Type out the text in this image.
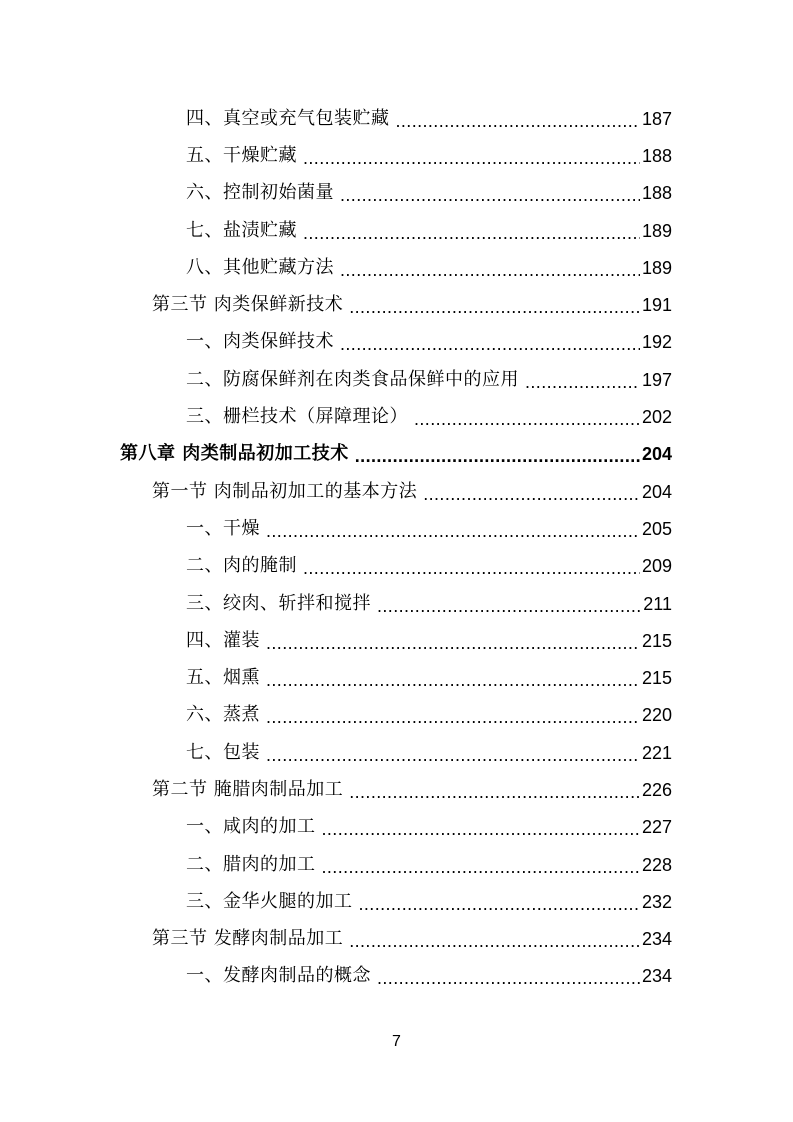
四、真空或充气包装贮藏 .....	187
五、干燥贮藏 .....	188
六、控制初始菌量 .....	188
七、盐渍贮藏 .....	189
八、其他贮藏方法 .....	189
第三节 肉类保鲜新技术 .....	191
一、肉类保鲜技术 .....	192
二、防腐保鲜剂在肉类食品保鲜中的应用 .....	197
三、栅栏技术（屏障理论） .....	202
第八章 肉类制品初加工技术 .....	204
第一节 肉制品初加工的基本方法 .....	204
一、干燥 .....	205
二、肉的腌制 .....	209
三、绞肉、斩拌和搅拌 .....	211
四、灌装 .....	215
五、烟熏 .....	215
六、蒸煮 .....	220
七、包装 .....	221
第二节 腌腊肉制品加工 .....	226
一、咸肉的加工 .....	227
二、腊肉的加工 .....	228
三、金华火腿的加工 .....	232
第三节 发酵肉制品加工 .....	234
一、发酵肉制品的概念 .....	234
7
